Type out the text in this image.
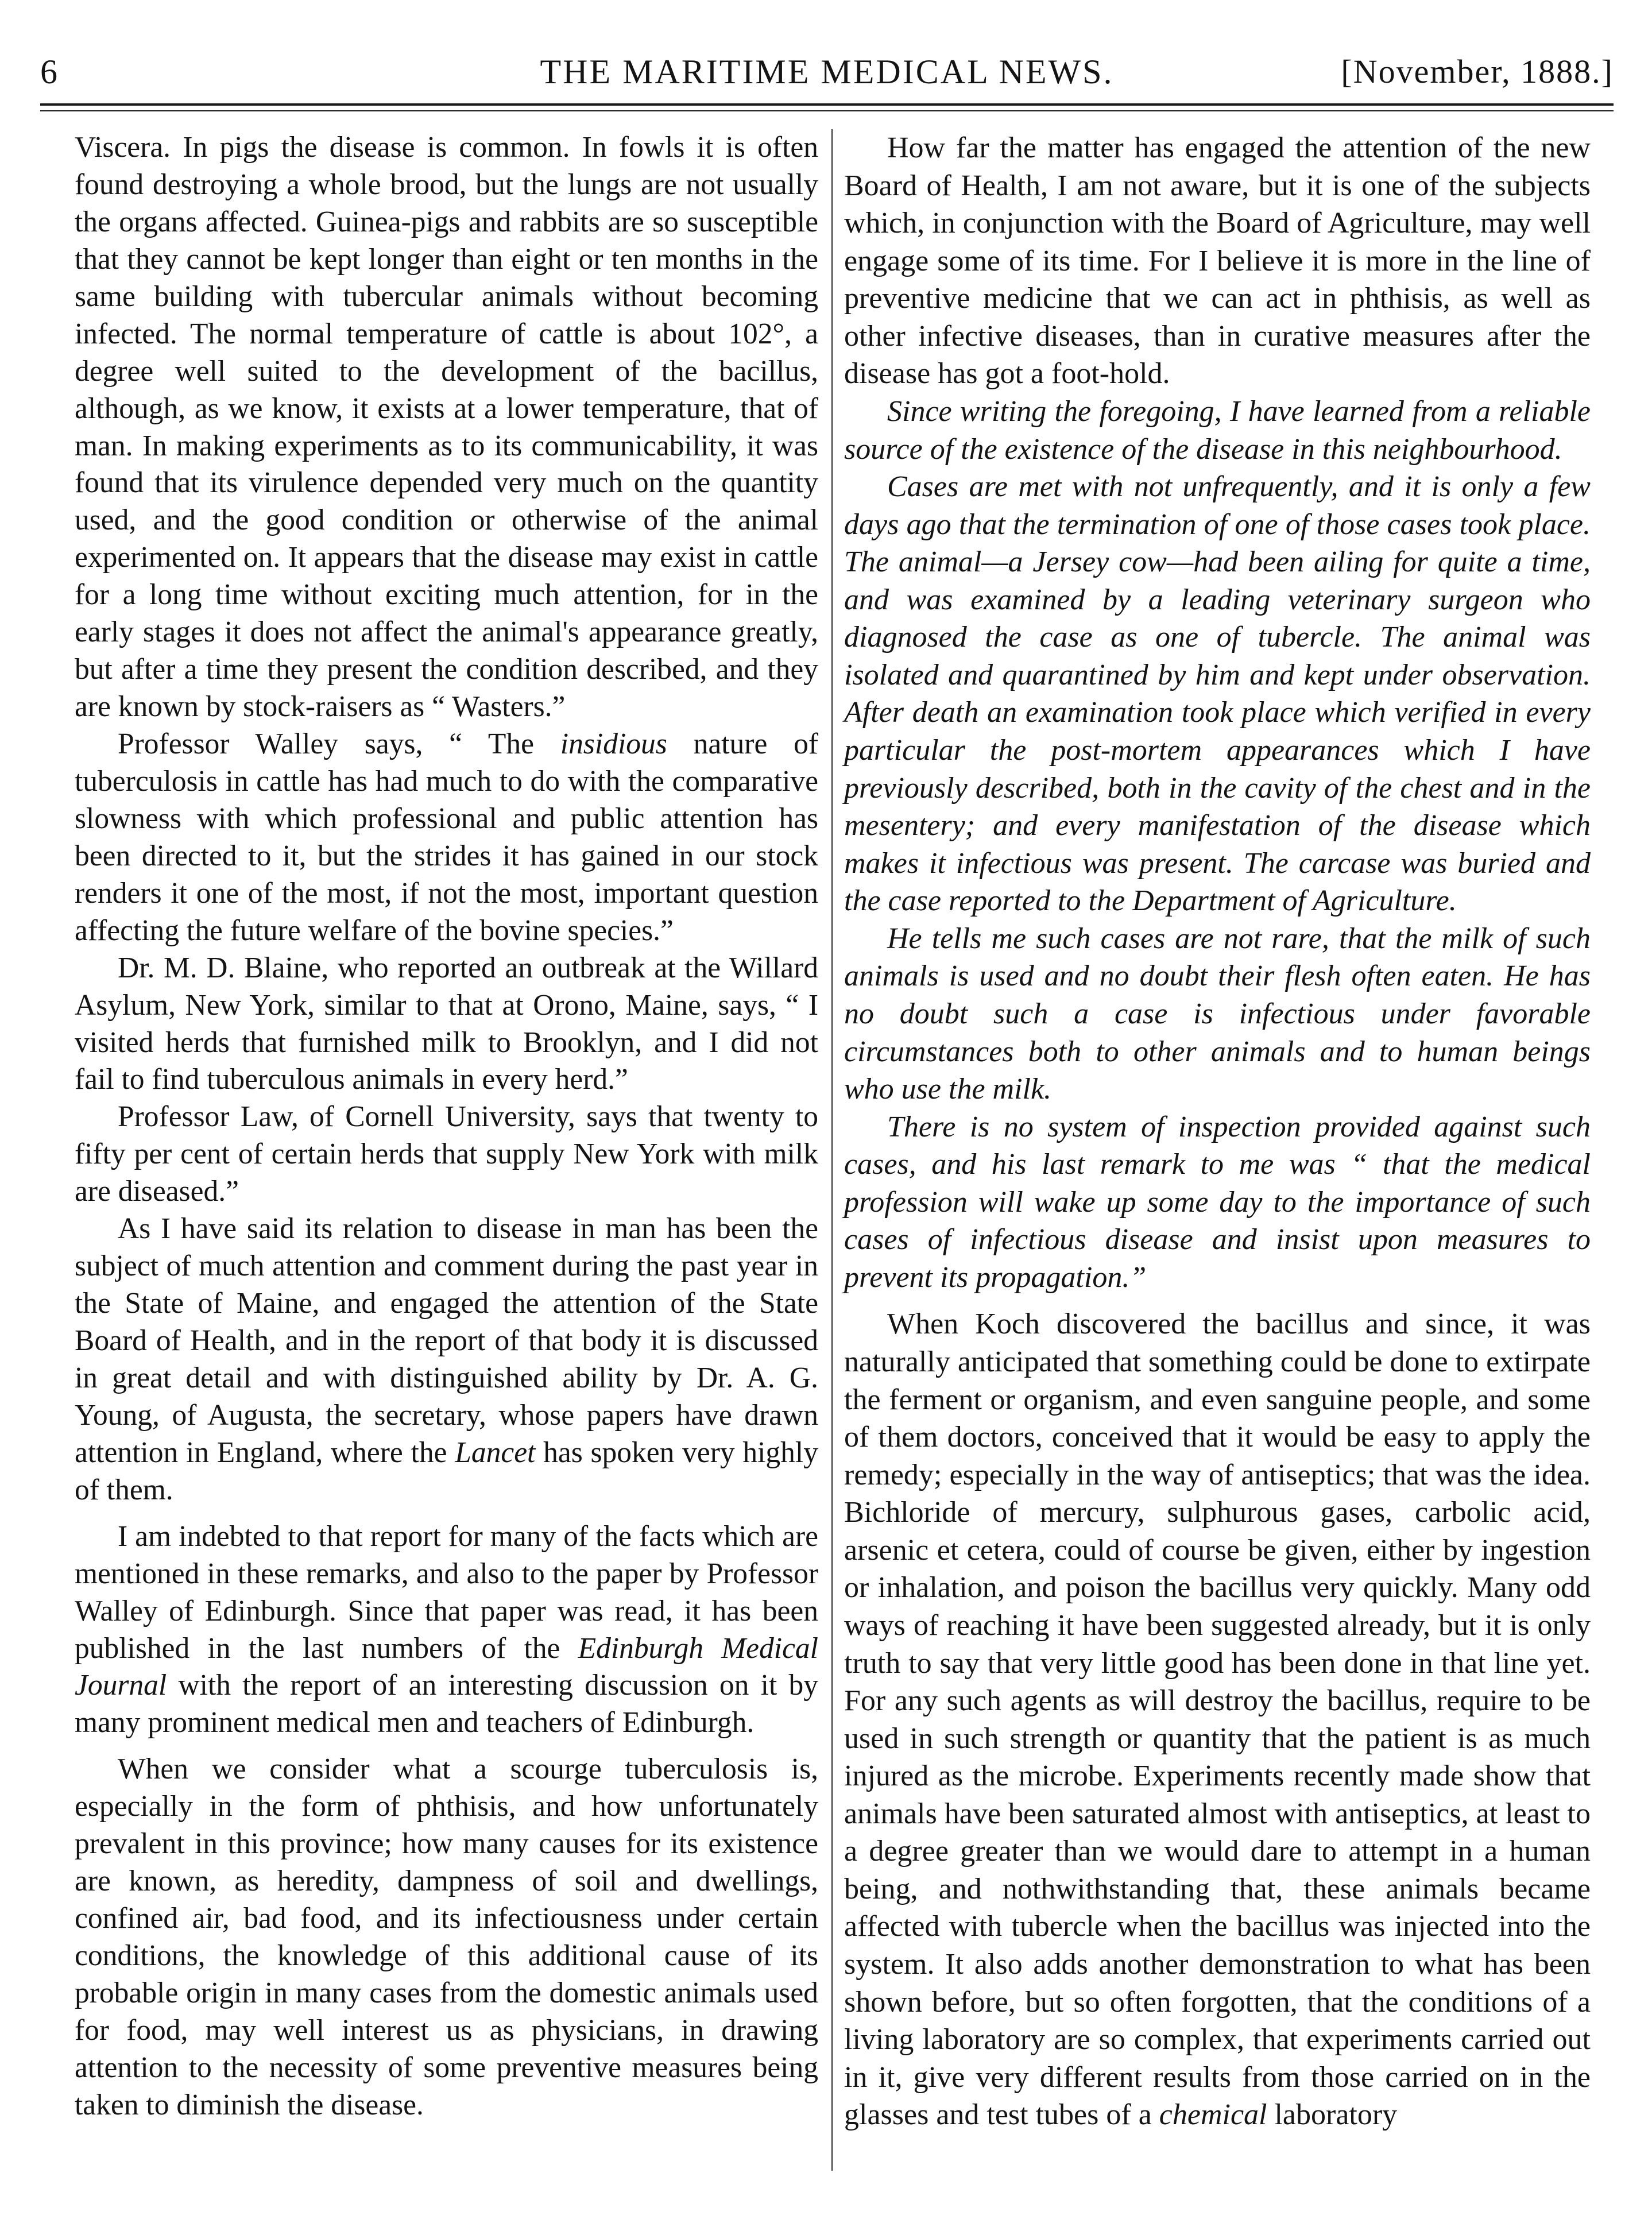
6	THE MARITIME MEDICAL NEWS.	[November, 1888.]

Viscera. In pigs the disease is common. In fowls it is often found destroying a whole brood, but the lungs are not usually the organs affected. Guinea-pigs and rabbits are so susceptible that they cannot be kept longer than eight or ten months in the same building with tubercular animals without becoming infected. The normal temperature of cattle is about 102°, a degree well suited to the development of the bacillus, although, as we know, it exists at a lower temperature, that of man. In making experiments as to its communicability, it was found that its virulence depended very much on the quantity used, and the good condition or otherwise of the animal experimented on. It appears that the disease may exist in cattle for a long time without exciting much attention, for in the early stages it does not affect the animal's appearance greatly, but after a time they present the condition described, and they are known by stock-raisers as “ Wasters.”

Professor Walley says, “ The insidious nature of tuberculosis in cattle has had much to do with the comparative slowness with which professional and public attention has been directed to it, but the strides it has gained in our stock renders it one of the most, if not the most, important question affecting the future welfare of the bovine species.”

Dr. M. D. Blaine, who reported an outbreak at the Willard Asylum, New York, similar to that at Orono, Maine, says, “ I visited herds that furnished milk to Brooklyn, and I did not fail to find tuberculous animals in every herd.”

Professor Law, of Cornell University, says that twenty to fifty per cent of certain herds that supply New York with milk are diseased.”

As I have said its relation to disease in man has been the subject of much attention and comment during the past year in the State of Maine, and engaged the attention of the State Board of Health, and in the report of that body it is discussed in great detail and with distinguished ability by Dr. A. G. Young, of Augusta, the secretary, whose papers have drawn attention in England, where the Lancet has spoken very highly of them.

I am indebted to that report for many of the facts which are mentioned in these remarks, and also to the paper by Professor Walley of Edinburgh. Since that paper was read, it has been published in the last numbers of the Edinburgh Medical Journal with the report of an interesting discussion on it by many prominent medical men and teachers of Edinburgh.

When we consider what a scourge tuberculosis is, especially in the form of phthisis, and how unfortunately prevalent in this province; how many causes for its existence are known, as heredity, dampness of soil and dwellings, confined air, bad food, and its infectiousness under certain conditions, the knowledge of this additional cause of its probable origin in many cases from the domestic animals used for food, may well interest us as physicians, in drawing attention to the necessity of some preventive measures being taken to diminish the disease.

How far the matter has engaged the attention of the new Board of Health, I am not aware, but it is one of the subjects which, in conjunction with the Board of Agriculture, may well engage some of its time. For I believe it is more in the line of preventive medicine that we can act in phthisis, as well as other infective diseases, than in curative measures after the disease has got a foot-hold.

Since writing the foregoing, I have learned from a reliable source of the existence of the disease in this neighbourhood.

Cases are met with not unfrequently, and it is only a few days ago that the termination of one of those cases took place. The animal—a Jersey cow—had been ailing for quite a time, and was examined by a leading veterinary surgeon who diagnosed the case as one of tubercle. The animal was isolated and quarantined by him and kept under observation. After death an examination took place which verified in every particular the post-mortem appearances which I have previously described, both in the cavity of the chest and in the mesentery; and every manifestation of the disease which makes it infectious was present. The carcase was buried and the case reported to the Department of Agriculture.

He tells me such cases are not rare, that the milk of such animals is used and no doubt their flesh often eaten. He has no doubt such a case is infectious under favorable circumstances both to other animals and to human beings who use the milk.

There is no system of inspection provided against such cases, and his last remark to me was “ that the medical profession will wake up some day to the importance of such cases of infectious disease and insist upon measures to prevent its propagation.”

When Koch discovered the bacillus and since, it was naturally anticipated that something could be done to extirpate the ferment or organism, and even sanguine people, and some of them doctors, conceived that it would be easy to apply the remedy; especially in the way of antiseptics; that was the idea. Bichloride of mercury, sulphurous gases, carbolic acid, arsenic et cetera, could of course be given, either by ingestion or inhalation, and poison the bacillus very quickly. Many odd ways of reaching it have been suggested already, but it is only truth to say that very little good has been done in that line yet. For any such agents as will destroy the bacillus, require to be used in such strength or quantity that the patient is as much injured as the microbe. Experiments recently made show that animals have been saturated almost with antiseptics, at least to a degree greater than we would dare to attempt in a human being, and nothwithstanding that, these animals became affected with tubercle when the bacillus was injected into the system. It also adds another demonstration to what has been shown before, but so often forgotten, that the conditions of a living laboratory are so complex, that experiments carried out in it, give very different results from those carried on in the glasses and test tubes of a chemical laboratory
